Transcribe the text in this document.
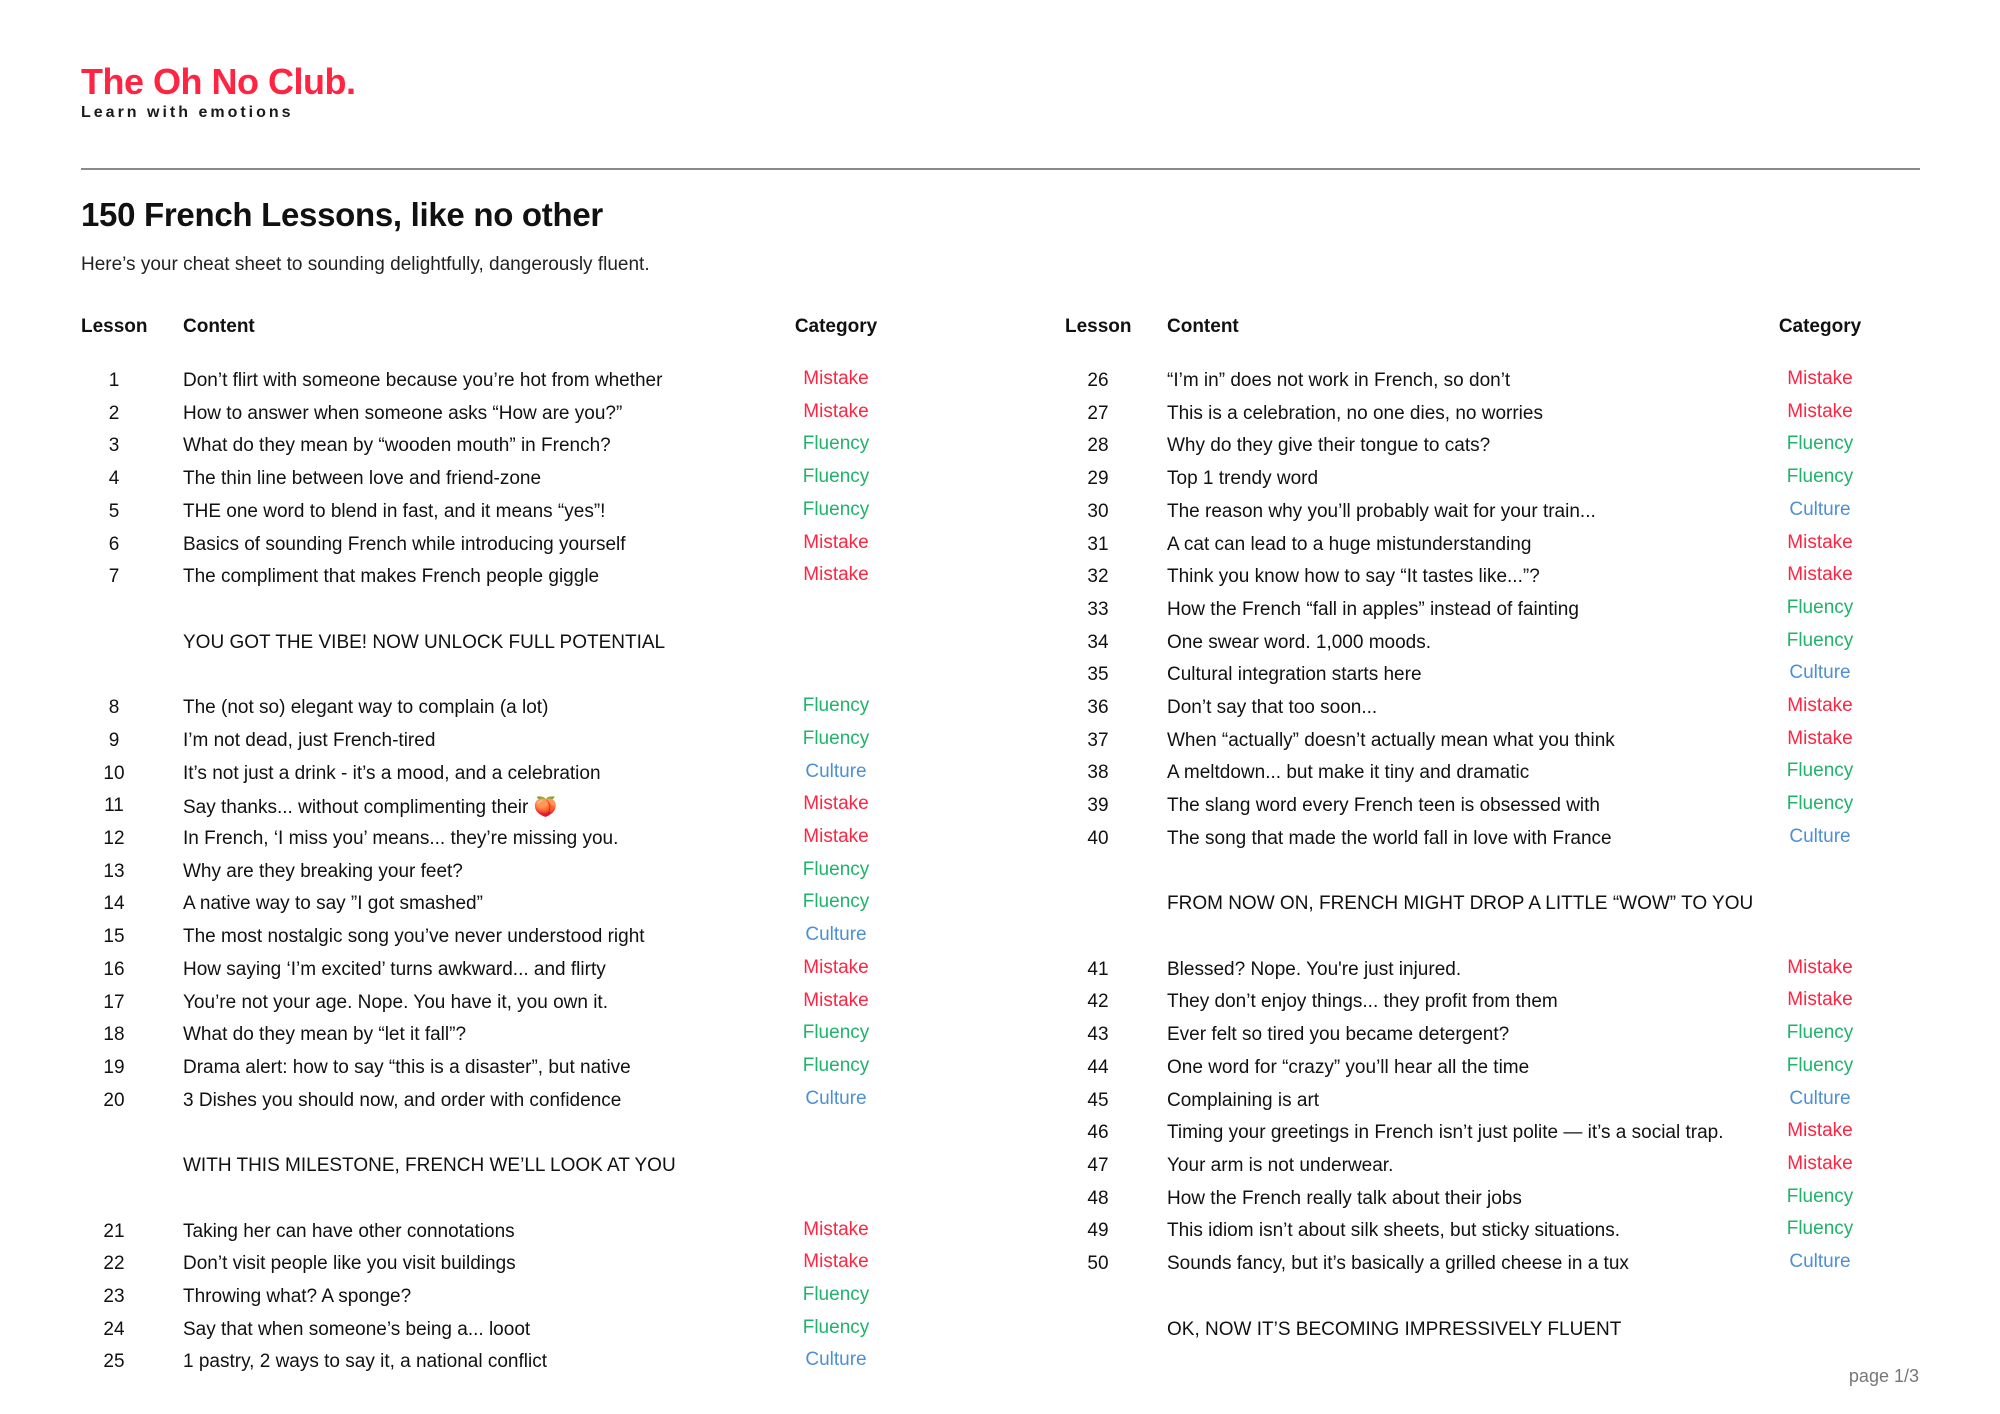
The Oh No Club.
Learn with emotions
150 French Lessons, like no other
Here’s your cheat sheet to sounding delightfully, dangerously fluent.
Lesson Content	Category
1	Don’t flirt with someone because you’re hot from whether	Mistake
2	How to answer when someone asks “How are you?”	Mistake
3	What do they mean by “wooden mouth” in French?	Fluency
4	The thin line between love and friend-zone	Fluency
5	THE one word to blend in fast, and it means “yes”!	Fluency
6	Basics of sounding French while introducing yourself	Mistake
7	The compliment that makes French people giggle	Mistake
YOU GOT THE VIBE! NOW UNLOCK FULL POTENTIAL
8	The (not so) elegant way to complain (a lot)	Fluency
9	I’m not dead, just French-tired	Fluency
10	It’s not just a drink - it’s a mood, and a celebration	Culture
11	Say thanks... without complimenting their 🍑	Mistake
12	In French, ‘I miss you’ means... they’re missing you.	Mistake
13	Why are they breaking your feet?	Fluency
14	A native way to say ”I got smashed”	Fluency
15	The most nostalgic song you’ve never understood right	Culture
16	How saying ‘I’m excited’ turns awkward... and flirty	Mistake
17	You’re not your age. Nope. You have it, you own it.	Mistake
18	What do they mean by “let it fall”?	Fluency
19	Drama alert: how to say “this is a disaster”, but native	Fluency
20	3 Dishes you should now, and order with confidence	Culture
WITH THIS MILESTONE, FRENCH WE’LL LOOK AT YOU
21	Taking her can have other connotations	Mistake
22	Don’t visit people like you visit buildings	Mistake
23	Throwing what? A sponge?	Fluency
24	Say that when someone’s being a... looot	Fluency
25	1 pastry, 2 ways to say it, a national conflict	Culture
Lesson Content	Category
26	“I’m in” does not work in French, so don’t	Mistake
27	This is a celebration, no one dies, no worries	Mistake
28	Why do they give their tongue to cats?	Fluency
29	Top 1 trendy word	Fluency
30	The reason why you’ll probably wait for your train...	Culture
31	A cat can lead to a huge mistunderstanding	Mistake
32	Think you know how to say “It tastes like...”?	Mistake
33	How the French “fall in apples” instead of fainting	Fluency
34	One swear word. 1,000 moods.	Fluency
35	Cultural integration starts here	Culture
36	Don’t say that too soon...	Mistake
37	When “actually” doesn’t actually mean what you think	Mistake
38	A meltdown... but make it tiny and dramatic	Fluency
39	The slang word every French teen is obsessed with	Fluency
40	The song that made the world fall in love with France	Culture
FROM NOW ON, FRENCH MIGHT DROP A LITTLE “WOW” TO YOU
41	Blessed? Nope. You're just injured.	Mistake
42	They don’t enjoy things... they profit from them	Mistake
43	Ever felt so tired you became detergent?	Fluency
44	One word for “crazy” you’ll hear all the time	Fluency
45	Complaining is art	Culture
46	Timing your greetings in French isn’t just polite — it’s a social trap.	Mistake
47	Your arm is not underwear.	Mistake
48	How the French really talk about their jobs	Fluency
49	This idiom isn’t about silk sheets, but sticky situations.	Fluency
50	Sounds fancy, but it’s basically a grilled cheese in a tux	Culture
OK, NOW IT’S BECOMING IMPRESSIVELY FLUENT
page 1/3
